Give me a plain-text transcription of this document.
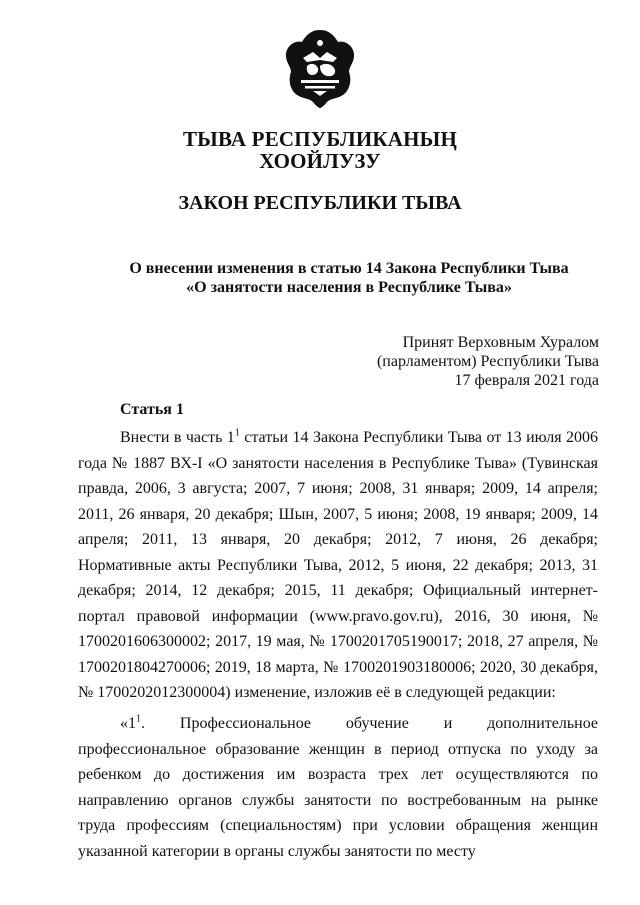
ТЫВА РЕСПУБЛИКАНЫҢ
ХООЙЛУЗУ
ЗАКОН РЕСПУБЛИКИ ТЫВА
О внесении изменения в статью 14 Закона Республики Тыва
«О занятости населения в Республике Тыва»
Принят Верховным Хуралом
(парламентом) Республики Тыва
17 февраля 2021 года
Статья 1

Внести в часть $1^1$ статьи 14 Закона Республики Тыва от 13 июля 2006 года № 1887 ВХ-I «О занятости населения в Республике Тыва» (Тувинская правда, 2006, 3 августа; 2007, 7 июня; 2008, 31 января; 2009, 14 апреля; 2011, 26 января, 20 декабря; Шын, 2007, 5 июня; 2008, 19 января; 2009, 14 апреля; 2011, 13 января, 20 декабря; 2012, 7 июня, 26 декабря; Нормативные акты Республики Тыва, 2012, 5 июня, 22 декабря; 2013, 31 декабря; 2014, 12 декабря; 2015, 11 декабря; Официальный интернет-портал правовой информации (www.pravo.gov.ru), 2016, 30 июня, № 1700201606300002; 2017, 19 мая, № 1700201705190017; 2018, 27 апреля, № 1700201804270006; 2019, 18 марта, № 1700201903180006; 2020, 30 декабря, № 1700202012300004) изменение, изложив её в следующей редакции:

«$1^1$. Профессиональное обучение и дополнительное профессиональное образование женщин в период отпуска по уходу за ребенком до достижения им возраста трех лет осуществляются по направлению органов службы занятости по востребованным на рынке труда профессиям (специальностям) при условии обращения женщин указанной категории в органы службы занятости по месту
